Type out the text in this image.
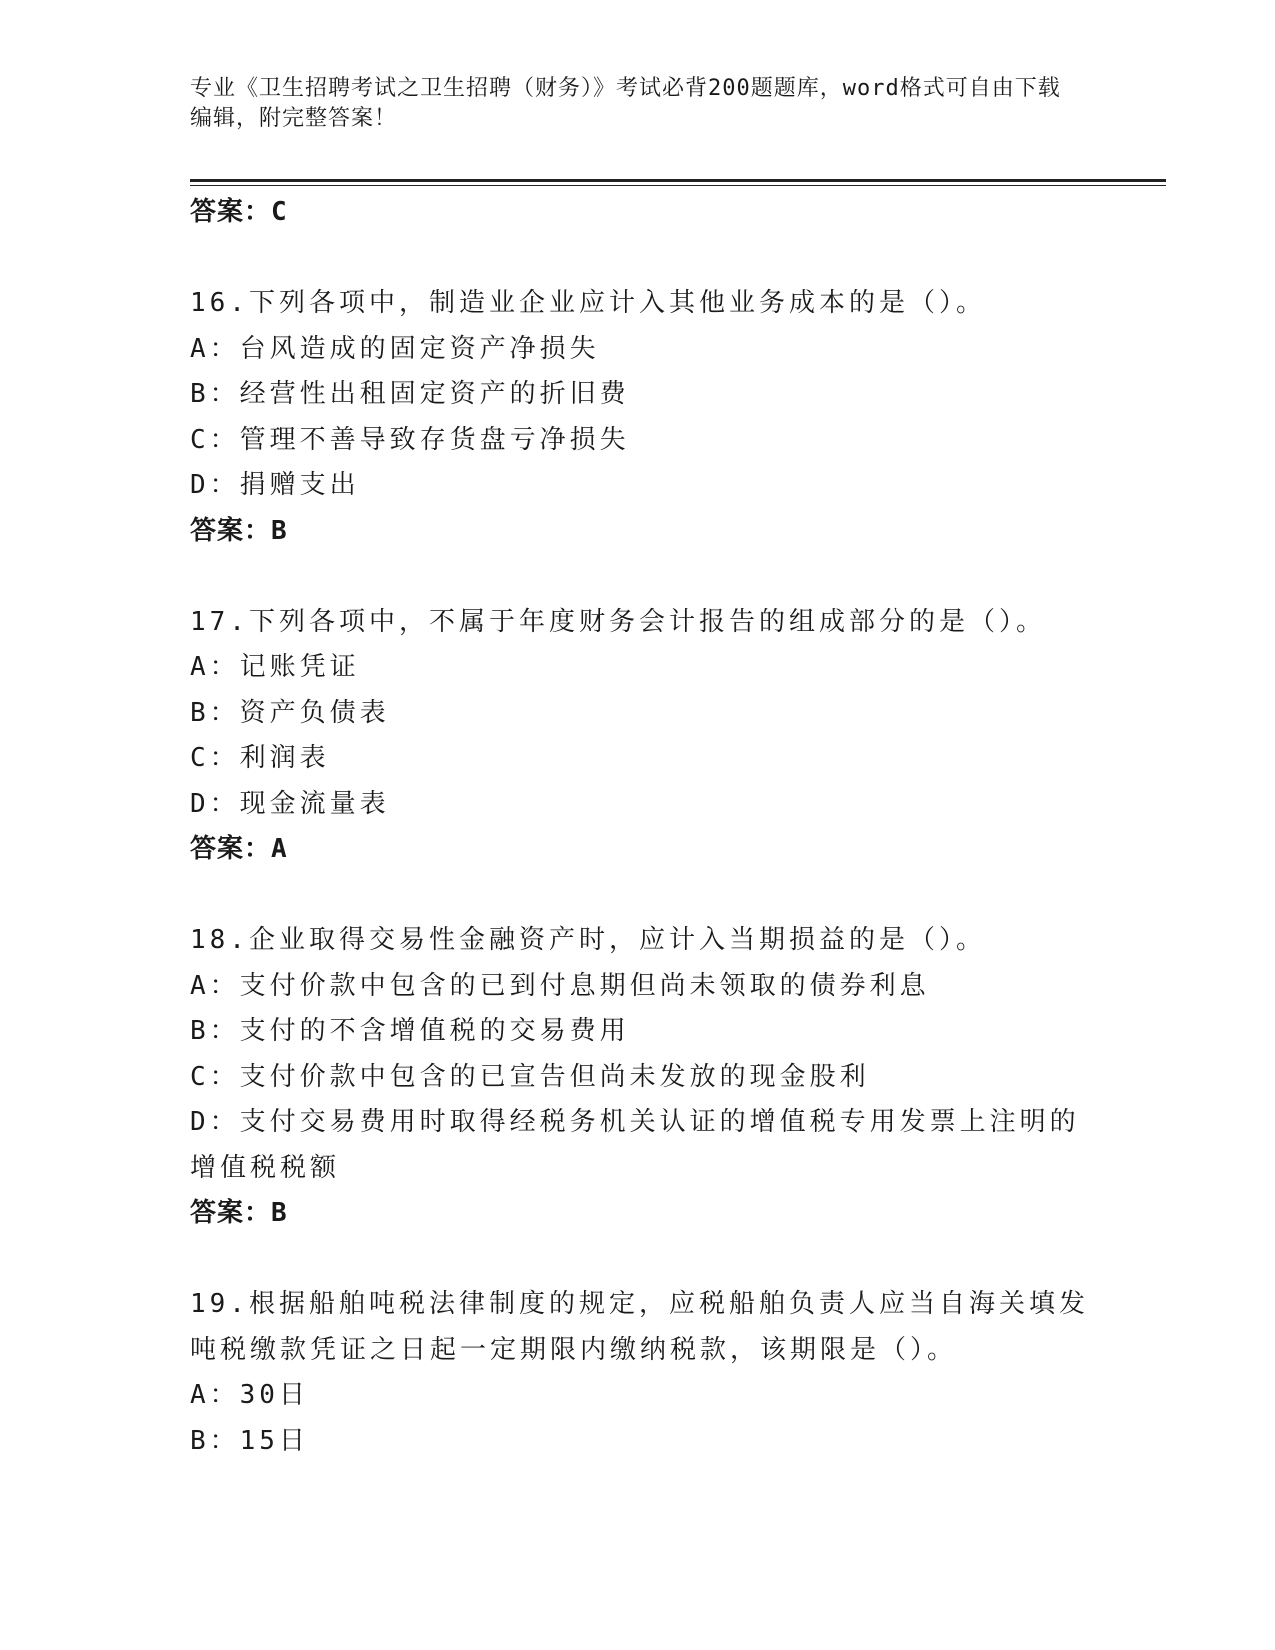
专业《卫生招聘考试之卫生招聘（财务）》考试必背200题题库，word格式可自由下载编辑，附完整答案！
答案：C
16.下列各项中，制造业企业应计入其他业务成本的是（）。
A：台风造成的固定资产净损失
B：经营性出租固定资产的折旧费
C：管理不善导致存货盘亏净损失
D：捐赠支出
答案：B
17.下列各项中，不属于年度财务会计报告的组成部分的是（）。
A：记账凭证
B：资产负债表
C：利润表
D：现金流量表
答案：A
18.企业取得交易性金融资产时，应计入当期损益的是（）。
A：支付价款中包含的已到付息期但尚未领取的债券利息
B：支付的不含增值税的交易费用
C：支付价款中包含的已宣告但尚未发放的现金股利
D：支付交易费用时取得经税务机关认证的增值税专用发票上注明的增值税税额
答案：B
19.根据船舶吨税法律制度的规定，应税船舶负责人应当自海关填发吨税缴款凭证之日起一定期限内缴纳税款，该期限是（）。
A：30日
B：15日
